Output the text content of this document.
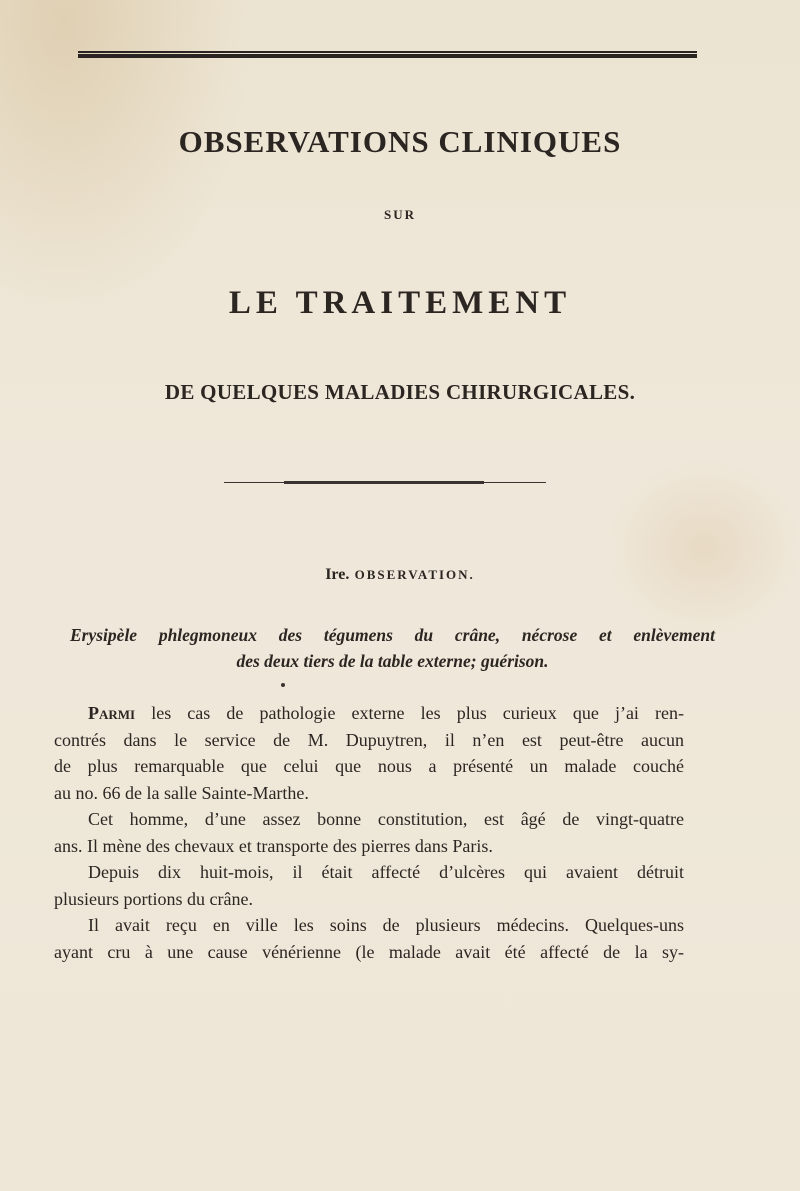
OBSERVATIONS CLINIQUES
SUR
LE TRAITEMENT
DE QUELQUES MALADIES CHIRURGICALES.
Ire. OBSERVATION.
Erysipèle phlegmoneux des tégumens du crâne, nécrose et enlèvement
des deux tiers de la table externe; guérison.
Parmi les cas de pathologie externe les plus curieux que j’ai ren-
contrés dans le service de M. Dupuytren, il n’en est peut-être aucun
de plus remarquable que celui que nous a présenté un malade couché
au no. 66 de la salle Sainte-Marthe.
Cet homme, d’une assez bonne constitution, est âgé de vingt-quatre
ans. Il mène des chevaux et transporte des pierres dans Paris.
Depuis dix huit-mois, il était affecté d’ulcères qui avaient détruit
plusieurs portions du crâne.
Il avait reçu en ville les soins de plusieurs médecins. Quelques-uns
ayant cru à une cause vénérienne (le malade avait été affecté de la sy-
